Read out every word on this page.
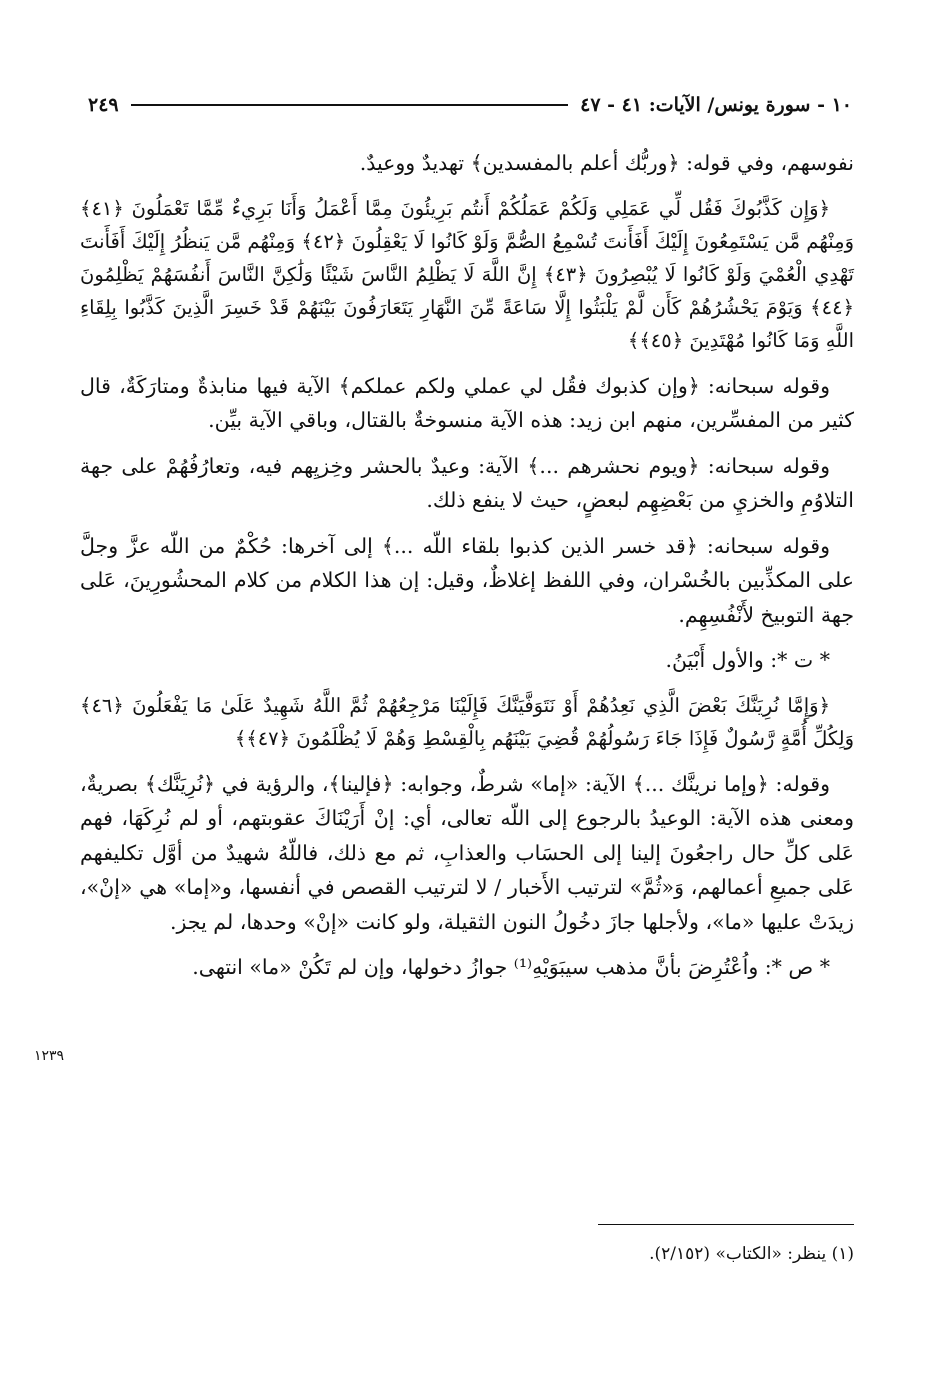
١٠ - سورة يونس/ الآيات: ٤١ - ٤٧
٢٤٩

نفوسهم، وفي قوله: ﴿وربُّك أعلم بالمفسدين﴾ تهديدٌ ووعيدٌ.

﴿وَإِن كَذَّبُوكَ فَقُل لِّي عَمَلِي وَلَكُمْ عَمَلُكُمْ أَنتُم بَرِيئُونَ مِمَّا أَعْمَلُ وَأَنَا بَرِيءٌ مِّمَّا تَعْمَلُونَ ﴿٤١﴾ وَمِنْهُم مَّن يَسْتَمِعُونَ إِلَيْكَ أَفَأَنتَ تُسْمِعُ الصُّمَّ وَلَوْ كَانُوا لَا يَعْقِلُونَ ﴿٤٢﴾ وَمِنْهُم مَّن يَنظُرُ إِلَيْكَ أَفَأَنتَ تَهْدِي الْعُمْيَ وَلَوْ كَانُوا لَا يُبْصِرُونَ ﴿٤٣﴾ إِنَّ اللَّهَ لَا يَظْلِمُ النَّاسَ شَيْئًا وَلَٰكِنَّ النَّاسَ أَنفُسَهُمْ يَظْلِمُونَ ﴿٤٤﴾ وَيَوْمَ يَحْشُرُهُمْ كَأَن لَّمْ يَلْبَثُوا إِلَّا سَاعَةً مِّنَ النَّهَارِ يَتَعَارَفُونَ بَيْنَهُمْ قَدْ خَسِرَ الَّذِينَ كَذَّبُوا بِلِقَاءِ اللَّهِ وَمَا كَانُوا مُهْتَدِينَ ﴿٤٥﴾﴾

وقوله سبحانه: ﴿وإن كذبوك فقُل لي عملي ولكم عملكم﴾ الآية فيها منابذةٌ ومتارَكَةٌ، قال كثير من المفسِّرين، منهم ابن زيد: هذه الآية منسوخةٌ بالقتال، وباقي الآية بيِّن.

وقوله سبحانه: ﴿ويوم نحشرهم ...﴾ الآية: وعيدٌ بالحشر وخِزيِهم فيه، وتعارُفُهُمْ على جهة التلاوُمِ والخزيِ من بَعْضِهِم لبعضٍ، حيث لا ينفع ذلك.

وقوله سبحانه: ﴿قد خسر الذين كذبوا بلقاء اللّه ...﴾ إلى آخرها: حُكْمٌ من اللّه عزَّ وجلَّ على المكذِّبين بالخُسْران، وفي اللفظ إغلاظٌ، وقيل: إن هذا الكلام من كلام المحشُورِينَ، عَلى جهة التوبيخ لأَنْفُسِهِم.

* ت *: والأول أَبْيَنُ.

﴿وَإِمَّا نُرِيَنَّكَ بَعْضَ الَّذِي نَعِدُهُمْ أَوْ نَتَوَفَّيَنَّكَ فَإِلَيْنَا مَرْجِعُهُمْ ثُمَّ اللَّهُ شَهِيدٌ عَلَىٰ مَا يَفْعَلُونَ ﴿٤٦﴾ وَلِكُلِّ أُمَّةٍ رَّسُولٌ فَإِذَا جَاءَ رَسُولُهُمْ قُضِيَ بَيْنَهُم بِالْقِسْطِ وَهُمْ لَا يُظْلَمُونَ ﴿٤٧﴾﴾

وقوله: ﴿وإما نرينَّك ...﴾ الآية: «إما» شرطٌ، وجوابه: ﴿فإلينا﴾، والرؤية في ﴿نُرِيَنَّك﴾ بصريةٌ، ومعنى هذه الآية: الوعيدُ بالرجوع إلى اللّه تعالى، أي: إنْ أَرَيْنَاكَ عقوبتهم، أو لم نُرِكَهَا، فهم عَلى كلِّ حال راجعُونَ إلينا إلى الحسَاب والعذابِ، ثم مع ذلك، فاللّهُ شهيدٌ من أوَّل تكليفهم عَلى جميعِ أعمالهم، وَ«ثُمَّ» لترتيب الأَخبار / لا لترتيب القصص في أنفسها، و«إما» هي «إنْ»، زيدَتْ عليها «ما»، ولأجلها جازَ دخُولُ النون الثقيلة، ولو كانت «إنْ» وحدها، لم يجز.

* ص *: واُعْتُرِضَ بأنَّ مذهب سيبَوَيْهِ⁽¹⁾ جوازُ دخولها، وإن لم تَكُنْ «ما» انتهى.

١٢٣٩
(١) ينظر: «الكتاب» (٢/١٥٢).
